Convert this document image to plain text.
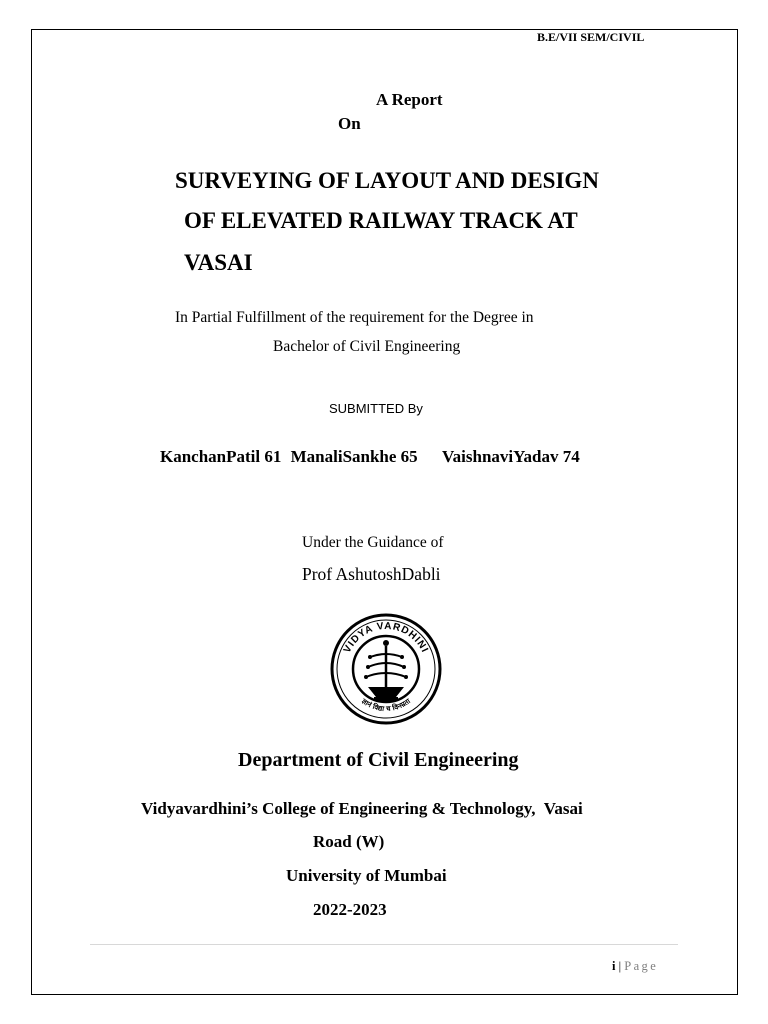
B.E/VII SEM/CIVIL
A Report
On
SURVEYING OF LAYOUT AND DESIGN
OF ELEVATED RAILWAY TRACK AT
VASAI
In Partial Fulfillment of the requirement for the Degree in
Bachelor of Civil Engineering
SUBMITTED By
KanchanPatil 61 ManaliSankhe 65 VaishnaviYadav 74
Under the Guidance of
Prof AshutoshDabli
VIDYA VARDHINI
ज्ञानं विद्या च विनम्रता
Department of Civil Engineering
Vidyavardhini’s College of Engineering & Technology,  Vasai
Road (W)
University of Mumbai
2022-2023
i | Page
